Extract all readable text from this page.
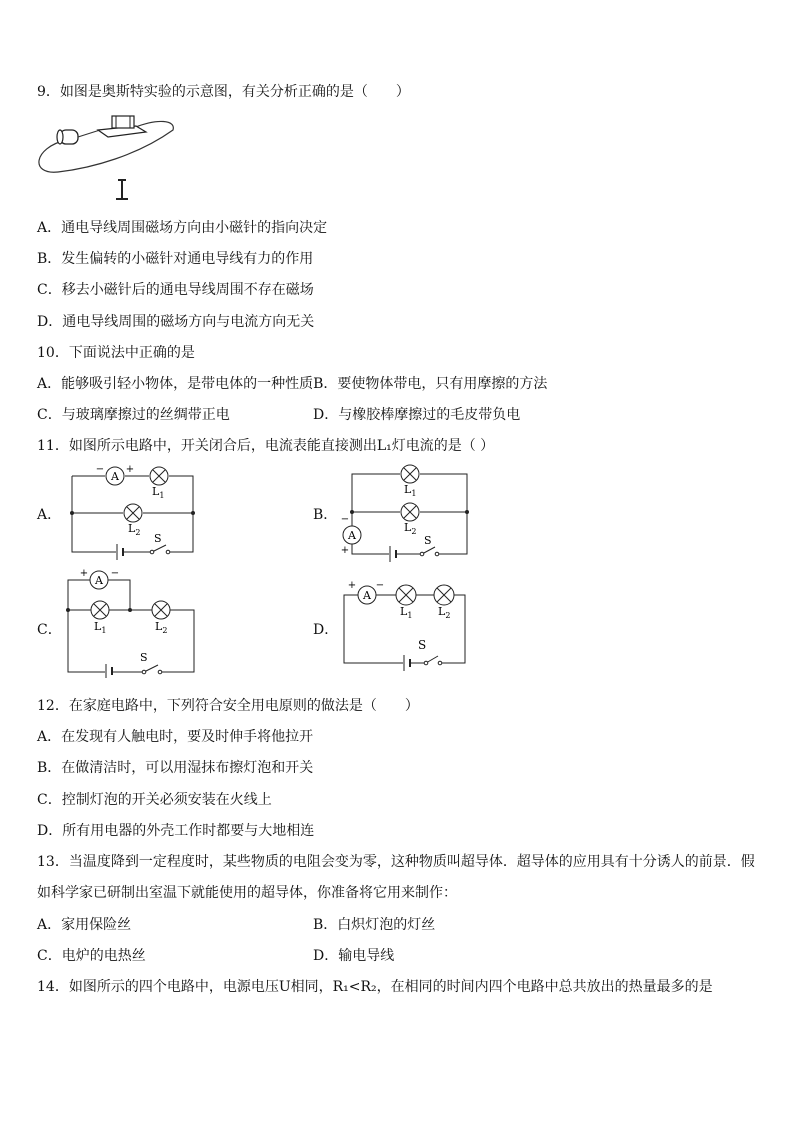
9．如图是奥斯特实验的示意图，有关分析正确的是（　　）
A．通电导线周围磁场方向由小磁针的指向决定
B．发生偏转的小磁针对通电导线有力的作用
C．移去小磁针后的通电导线周围不存在磁场
D．通电导线周围的磁场方向与电流方向无关
10．下面说法中正确的是
A．能够吸引轻小物体，是带电体的一种性质B．要使物体带电，只有用摩擦的方法
C．与玻璃摩擦过的丝绸带正电	D．与橡胶棒摩擦过的毛皮带负电
11．如图所示电路中，开关闭合后，电流表能直接测出L₁灯电流的是（ ）
A．	B．
C．	D．
A
− +
$L_1$
$L_2$ S
$L_1$
$L_2$
A
−
+
S
A
+ −
$L_1$	$L_2$
S
A
+ −
$L_1$ $L_2$
S
12．在家庭电路中，下列符合安全用电原则的做法是（　　）
A．在发现有人触电时，要及时伸手将他拉开
B．在做清洁时，可以用湿抹布擦灯泡和开关
C．控制灯泡的开关必须安装在火线上
D．所有用电器的外壳工作时都要与大地相连
13．当温度降到一定程度时，某些物质的电阻会变为零，这种物质叫超导体．超导体的应用具有十分诱人的前景．假
如科学家已研制出室温下就能使用的超导体，你准备将它用来制作：
A．家用保险丝	B．白炽灯泡的灯丝
C．电炉的电热丝	D．输电导线
14．如图所示的四个电路中，电源电压U相同，R₁<R₂，在相同的时间内四个电路中总共放出的热量最多的是
